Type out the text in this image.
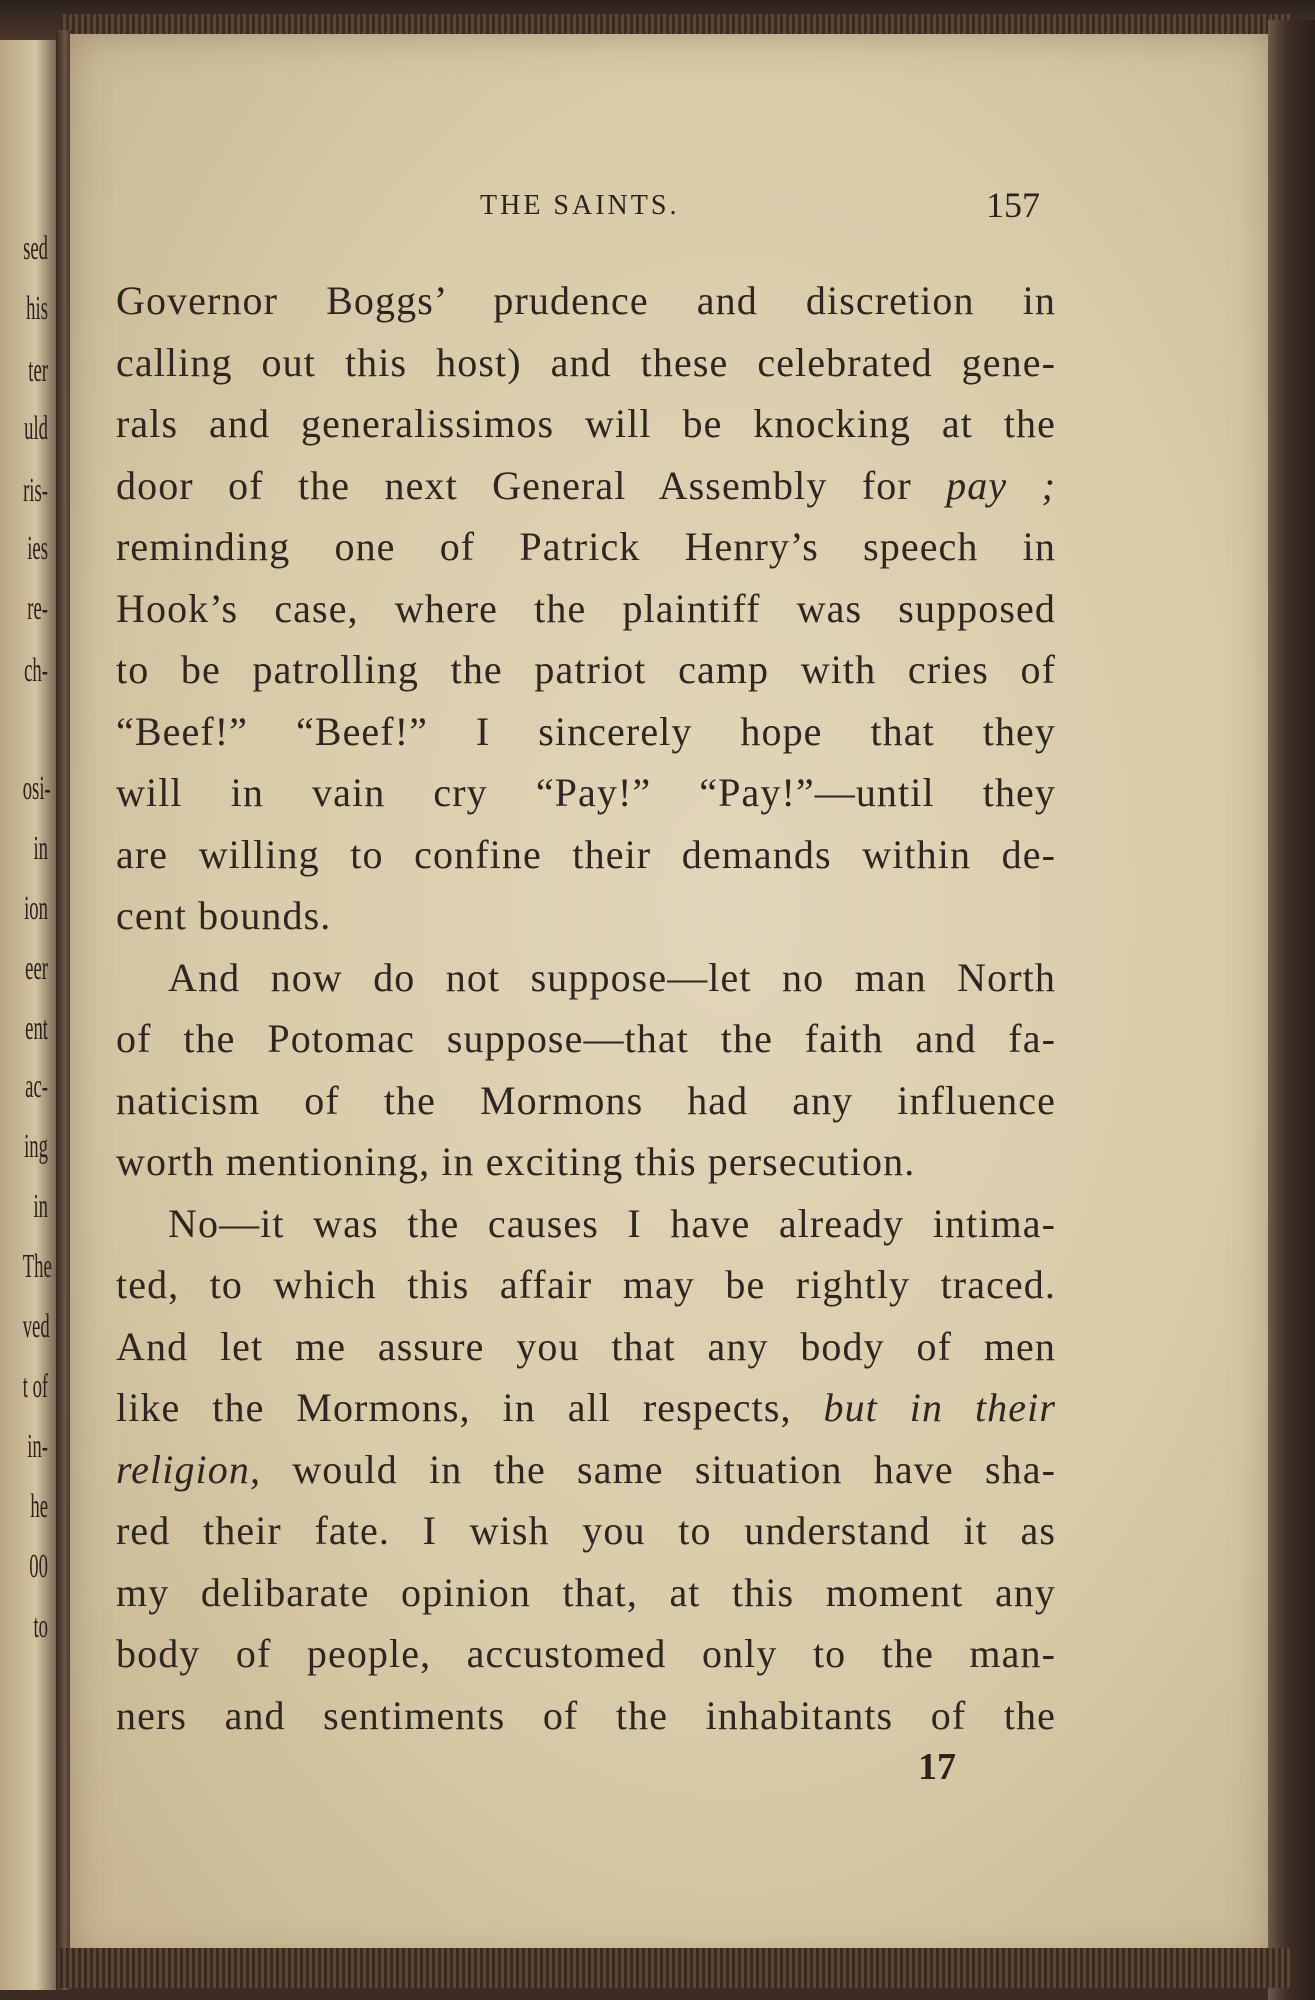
sed
his
ter
uld
ris-
ies
re-
ch-
osi-
in
ion
eer
ent
ac-
ing
in
The
ved
t of
in-
he
00
to
THE SAINTS.	157
Governor Boggs’ prudence and discretion in
calling out this host) and these celebrated gene-
rals and generalissimos will be knocking at the
door of the next General Assembly for pay ;
reminding one of Patrick Henry’s speech in
Hook’s case, where the plaintiff was supposed
to be patrolling the patriot camp with cries of
“Beef!” “Beef!” I sincerely hope that they
will in vain cry “Pay!” “Pay!”—until they
are willing to confine their demands within de-
cent bounds.
And now do not suppose—let no man North
of the Potomac suppose—that the faith and fa-
naticism of the Mormons had any influence
worth mentioning, in exciting this persecution.
No—it was the causes I have already intima-
ted, to which this affair may be rightly traced.
And let me assure you that any body of men
like the Mormons, in all respects, but in their
religion, would in the same situation have sha-
red their fate. I wish you to understand it as
my delibarate opinion that, at this moment any
body of people, accustomed only to the man-
ners and sentiments of the inhabitants of the
17
